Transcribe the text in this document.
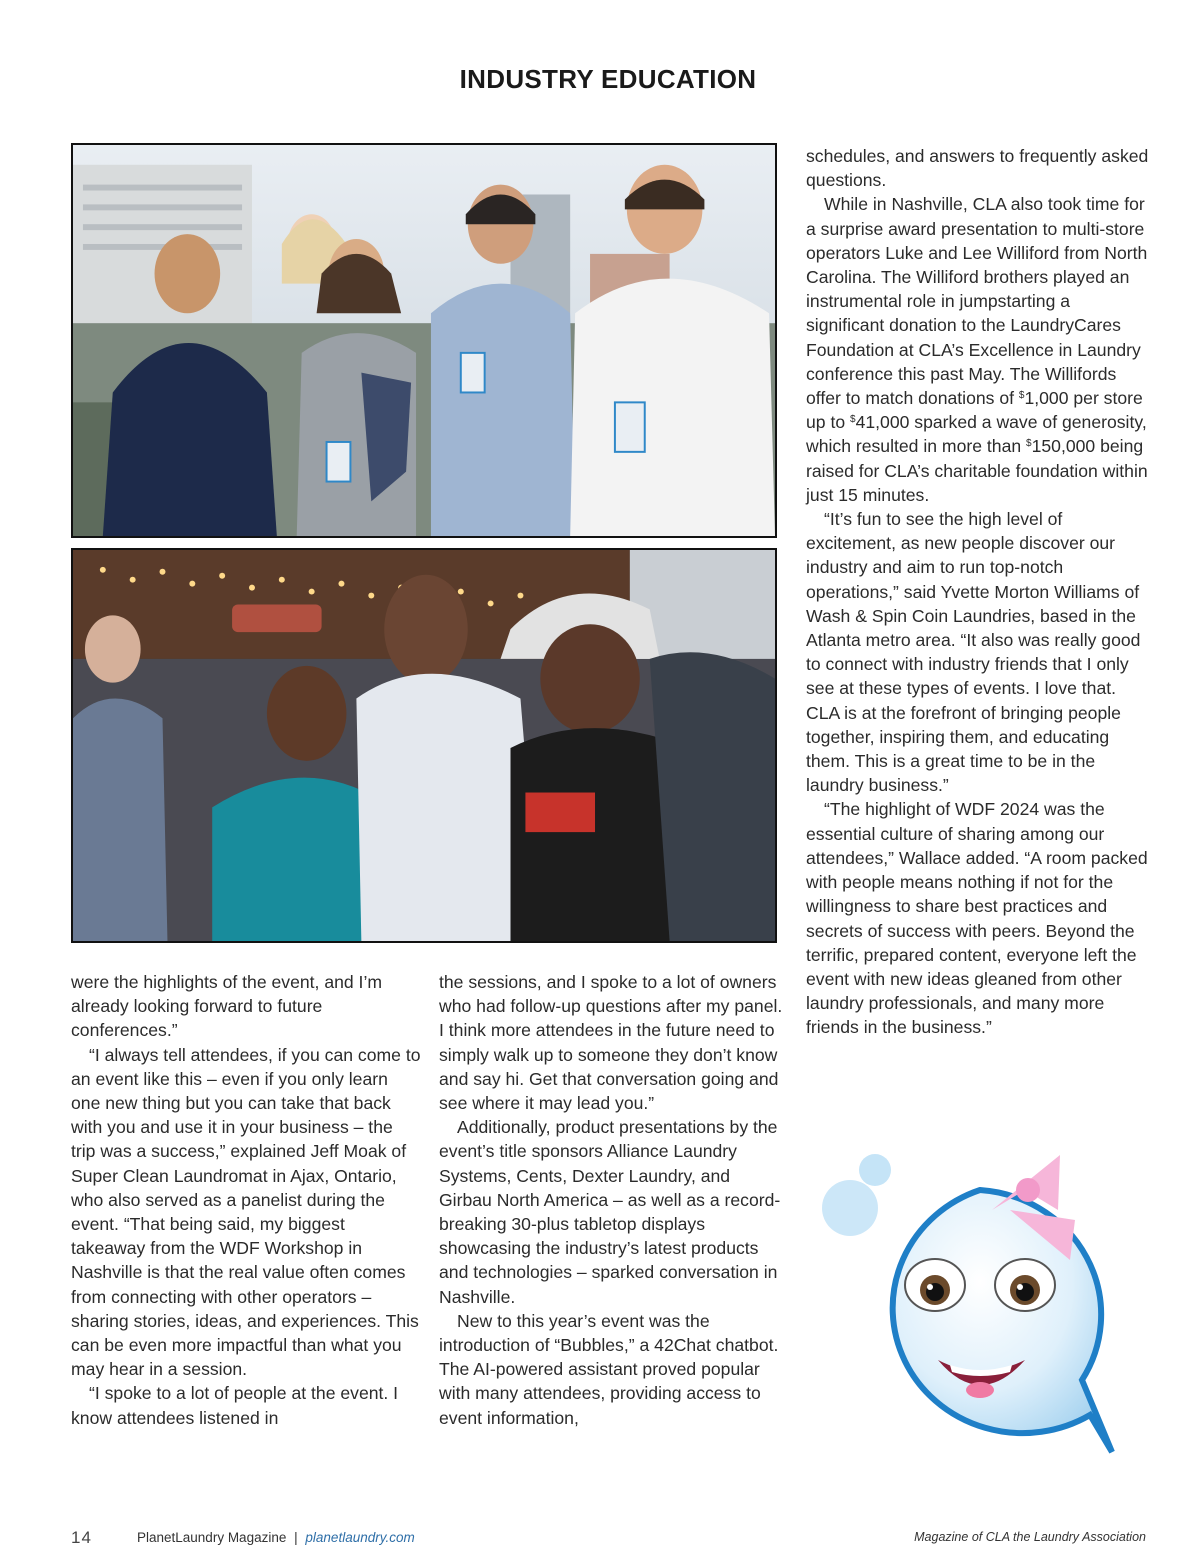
INDUSTRY EDUCATION

were the highlights of the event, and I’m already looking forward to future conferences.”

“I always tell attendees, if you can come to an event like this – even if you only learn one new thing but you can take that back with you and use it in your business – the trip was a success,” explained Jeff Moak of Super Clean Laundromat in Ajax, Ontario, who also served as a panelist during the event. “That being said, my biggest takeaway from the WDF Workshop in Nashville is that the real value often comes from connecting with other operators – sharing stories, ideas, and experiences. This can be even more impactful than what you may hear in a session.

“I spoke to a lot of people at the event. I know attendees listened in

the sessions, and I spoke to a lot of owners who had follow-up questions after my panel. I think more attendees in the future need to simply walk up to someone they don’t know and say hi. Get that conversation going and see where it may lead you.”

Additionally, product presentations by the event’s title sponsors Alliance Laundry Systems, Cents, Dexter Laundry, and Girbau North America – as well as a record-breaking 30-plus tabletop displays showcasing the industry’s latest products and technologies – sparked conversation in Nashville.

New to this year’s event was the introduction of “Bubbles,” a 42Chat chatbot. The AI-powered assistant proved popular with many attendees, providing access to event information,

schedules, and answers to frequently asked questions.

While in Nashville, CLA also took time for a surprise award presentation to multi-store operators Luke and Lee Williford from North Carolina. The Williford brothers played an instrumental role in jumpstarting a significant donation to the LaundryCares Foundation at CLA’s Excellence in Laundry conference this past May. The Willifords offer to match donations of $1,000 per store up to $41,000 sparked a wave of generosity, which resulted in more than $150,000 being raised for CLA’s charitable foundation within just 15 minutes.

“It’s fun to see the high level of excitement, as new people discover our industry and aim to run top-notch operations,” said Yvette Morton Williams of Wash & Spin Coin Laundries, based in the Atlanta metro area. “It also was really good to connect with industry friends that I only see at these types of events. I love that. CLA is at the forefront of bringing people together, inspiring them, and educating them. This is a great time to be in the laundry business.”

“The highlight of WDF 2024 was the essential culture of sharing among our attendees,” Wallace added. “A room packed with people means nothing if not for the willingness to share best practices and secrets of success with peers. Beyond the terrific, prepared content, everyone left the event with new ideas gleaned from other laundry professionals, and many more friends in the business.”

14	PlanetLaundry Magazine | planetlaundry.com	Magazine of CLA the Laundry Association
